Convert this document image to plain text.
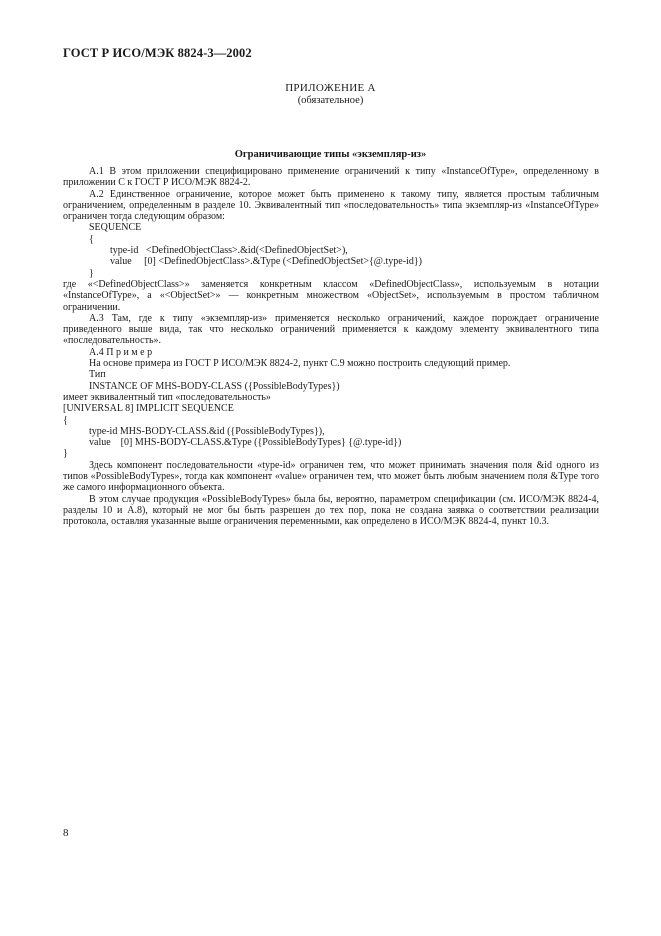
ГОСТ Р ИСО/МЭК 8824-3—2002
ПРИЛОЖЕНИЕ А
(обязательное)
Ограничивающие типы «экземпляр-из»

А.1 В этом приложении специфицировано применение ограничений к типу «InstanceOfType», определенному в приложении С к ГОСТ Р ИСО/МЭК 8824-2.

А.2 Единственное ограничение, которое может быть применено к такому типу, является простым табличным ограничением, определенным в разделе 10. Эквивалентный тип «последовательность» типа экземпляр-из «InstanceOfType» ограничен тогда следующим образом:

SEQUENCE

{

type-id   <DefinedObjectClass>.&id(<DefinedObjectSet>),

value     [0] <DefinedObjectClass>.&Type (<DefinedObjectSet>{@.type-id})

}

где «<DefinedObjectClass>» заменяется конкретным классом «DefinedObjectClass», используемым в нотации «InstanceOfType», а «<ObjectSet>» — конкретным множеством «ObjectSet», используемым в простом табличном ограничении.

А.3 Там, где к типу «экземпляр-из» применяется несколько ограничений, каждое порождает ограничение приведенного выше вида, так что несколько ограничений применяется к каждому элементу эквивалентного типа «последовательность».

А.4 Пример

На основе примера из ГОСТ Р ИСО/МЭК 8824-2, пункт С.9 можно построить следующий пример.

Тип

INSTANCE OF MHS-BODY-CLASS ({PossibleBodyTypes})

имеет эквивалентный тип «последовательность»

[UNIVERSAL 8] IMPLICIT SEQUENCE

{

type-id MHS-BODY-CLASS.&id ({PossibleBodyTypes}),

value    [0] MHS-BODY-CLASS.&Type ({PossibleBodyTypes} {@.type-id})

}

Здесь компонент последовательности «type-id» ограничен тем, что может принимать значения поля &id одного из типов «PossibleBodyTypes», тогда как компонент «value» ограничен тем, что может быть любым значением поля &Type того же самого информационного объекта.

В этом случае продукция «PossibleBodyTypes» была бы, вероятно, параметром спецификации (см. ИСО/МЭК 8824-4, разделы 10 и А.8), который не мог бы быть разрешен до тех пор, пока не создана заявка о соответствии реализации протокола, оставляя указанные выше ограничения переменными, как определено в ИСО/МЭК 8824-4, пункт 10.3.

8
